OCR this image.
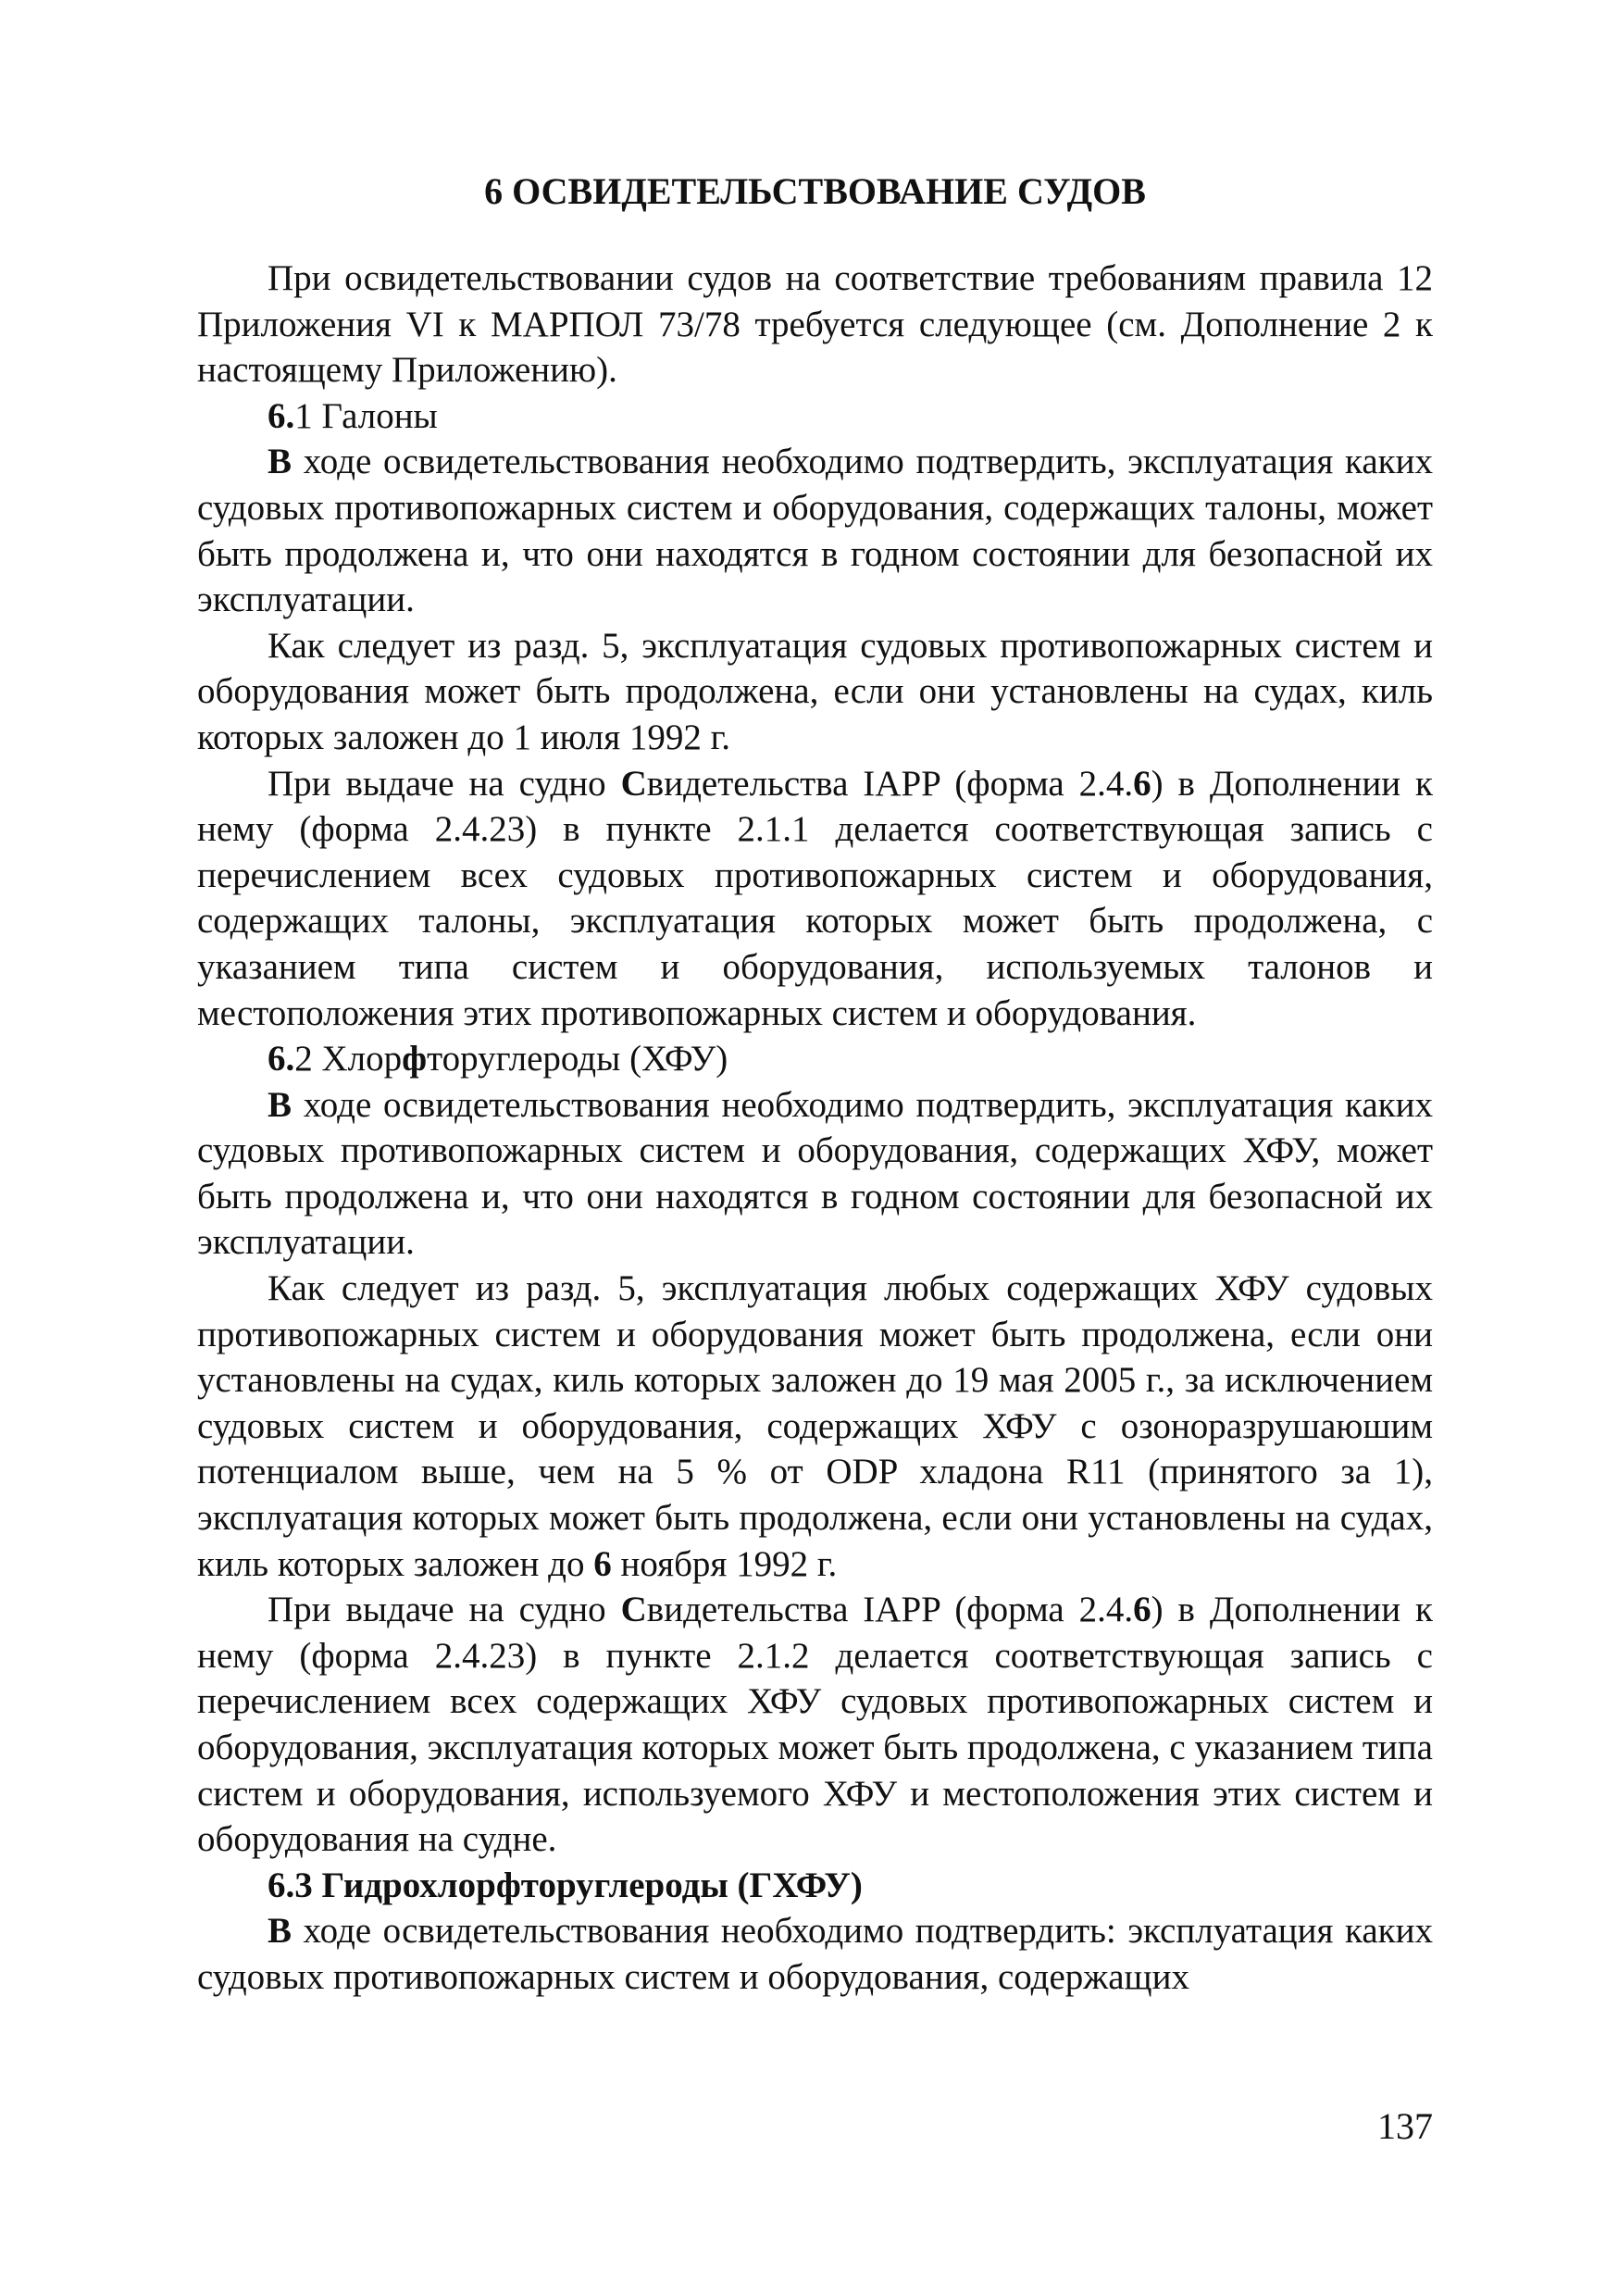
6 ОСВИДЕТЕЛЬСТВОВАНИЕ СУДОВ

При освидетельствовании судов на соответствие требованиям правила 12 Приложения VI к МАРПОЛ 73/78 требуется следующее (см. Дополнение 2 к настоящему Приложению).

6.1 Галоны

В ходе освидетельствования необходимо подтвердить, эксплуатация каких судовых противопожарных систем и оборудования, содержащих талоны, может быть продолжена и, что они находятся в годном состоянии для безопасной их эксплуатации.

Как следует из разд. 5, эксплуатация судовых противопожарных систем и оборудования может быть продолжена, если они установлены на судах, киль которых заложен до 1 июля 1992 г.

При выдаче на судно Свидетельства IAPP (форма 2.4.6) в Дополнении к нему (форма 2.4.23) в пункте 2.1.1 делается соответствующая запись с перечислением всех судовых противопожарных систем и оборудования, содержащих талоны, эксплуатация которых может быть продолжена, с указанием типа систем и оборудования, используемых талонов и местоположения этих противопожарных систем и оборудования.

6.2 Хлорфторуглероды (ХФУ)

В ходе освидетельствования необходимо подтвердить, эксплуатация каких судовых противопожарных систем и оборудования, содержащих ХФУ, может быть продолжена и, что они находятся в годном состоянии для безопасной их эксплуатации.

Как следует из разд. 5, эксплуатация любых содержащих ХФУ судовых противопожарных систем и оборудования может быть продолжена, если они установлены на судах, киль которых заложен до 19 мая 2005 г., за исключением судовых систем и оборудования, содержащих ХФУ с озоноразрушаюшим потенциалом выше, чем на 5 % от ODP хладона R11 (принятого за 1), эксплуатация которых может быть продолжена, если они установлены на судах, киль которых заложен до 6 ноября 1992 г.

При выдаче на судно Свидетельства IAPP (форма 2.4.6) в Дополнении к нему (форма 2.4.23) в пункте 2.1.2 делается соответствующая запись с перечислением всех содержащих ХФУ судовых противопожарных систем и оборудования, эксплуатация которых может быть продолжена, с указанием типа систем и оборудования, используемого ХФУ и местоположения этих систем и оборудования на судне.

6.3 Гидрохлорфторуглероды (ГХФУ)

В ходе освидетельствования необходимо подтвердить: эксплуатация каких судовых противопожарных систем и оборудования, содержащих

137
